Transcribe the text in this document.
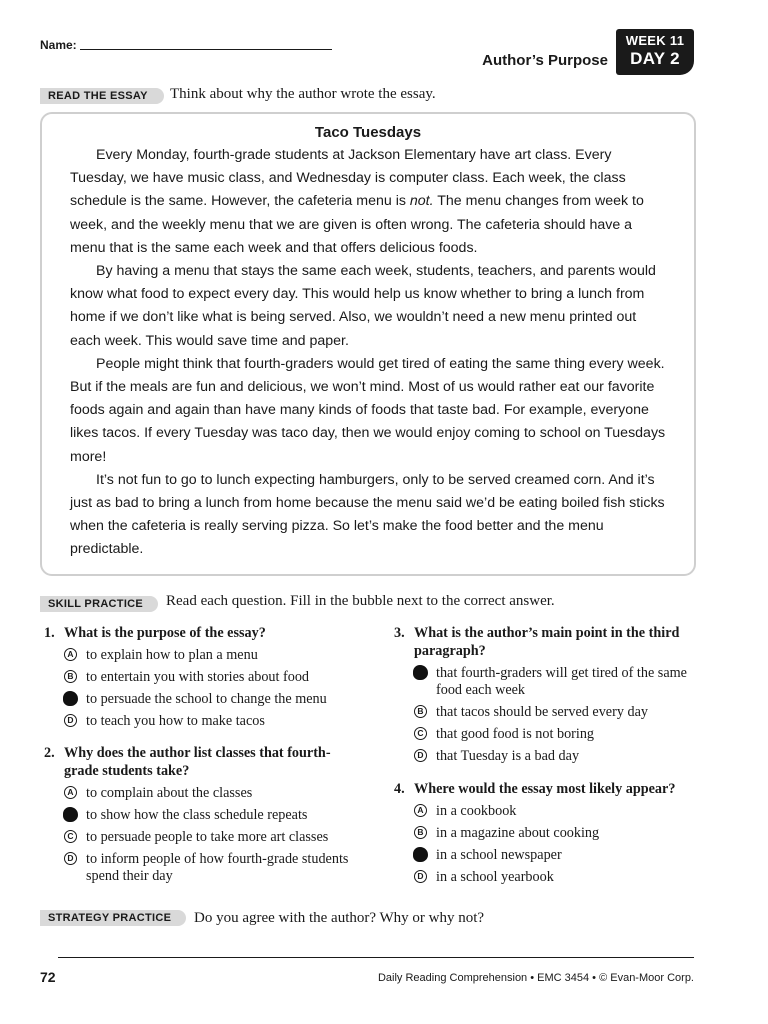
Name:
Author’s Purpose
WEEK 11
DAY 2
READ THE ESSAY	Think about why the author wrote the essay.
Taco Tuesdays

Every Monday, fourth-grade students at Jackson Elementary have art class. Every Tuesday, we have music class, and Wednesday is computer class. Each week, the class schedule is the same. However, the cafeteria menu is not. The menu changes from week to week, and the weekly menu that we are given is often wrong. The cafeteria should have a menu that is the same each week and that offers delicious foods.

By having a menu that stays the same each week, students, teachers, and parents would know what food to expect every day. This would help us know whether to bring a lunch from home if we don’t like what is being served. Also, we wouldn’t need a new menu printed out each week. This would save time and paper.

People might think that fourth-graders would get tired of eating the same thing every week. But if the meals are fun and delicious, we won’t mind. Most of us would rather eat our favorite foods again and again than have many kinds of foods that taste bad. For example, everyone likes tacos. If every Tuesday was taco day, then we would enjoy coming to school on Tuesdays more!

It’s not fun to go to lunch expecting hamburgers, only to be served creamed corn. And it’s just as bad to bring a lunch from home because the menu said we’d be eating boiled fish sticks when the cafeteria is really serving pizza. So let’s make the food better and the menu predictable.

SKILL PRACTICE	Read each question. Fill in the bubble next to the correct answer.
1. What is the purpose of the essay?
A to explain how to plan a menu
B to entertain you with stories about food
to persuade the school to change the menu
D to teach you how to make tacos
2. Why does the author list classes that fourth-grade students take?
A to complain about the classes
to show how the class schedule repeats
C to persuade people to take more art classes
D to inform people of how fourth-grade students spend their day
3. What is the author’s main point in the third paragraph?
that fourth-graders will get tired of the same food each week
B that tacos should be served every day
C that good food is not boring
D that Tuesday is a bad day
4. Where would the essay most likely appear?
A in a cookbook
B in a magazine about cooking
in a school newspaper
D in a school yearbook
STRATEGY PRACTICE	Do you agree with the author? Why or why not?
72	Daily Reading Comprehension • EMC 3454 • © Evan-Moor Corp.
